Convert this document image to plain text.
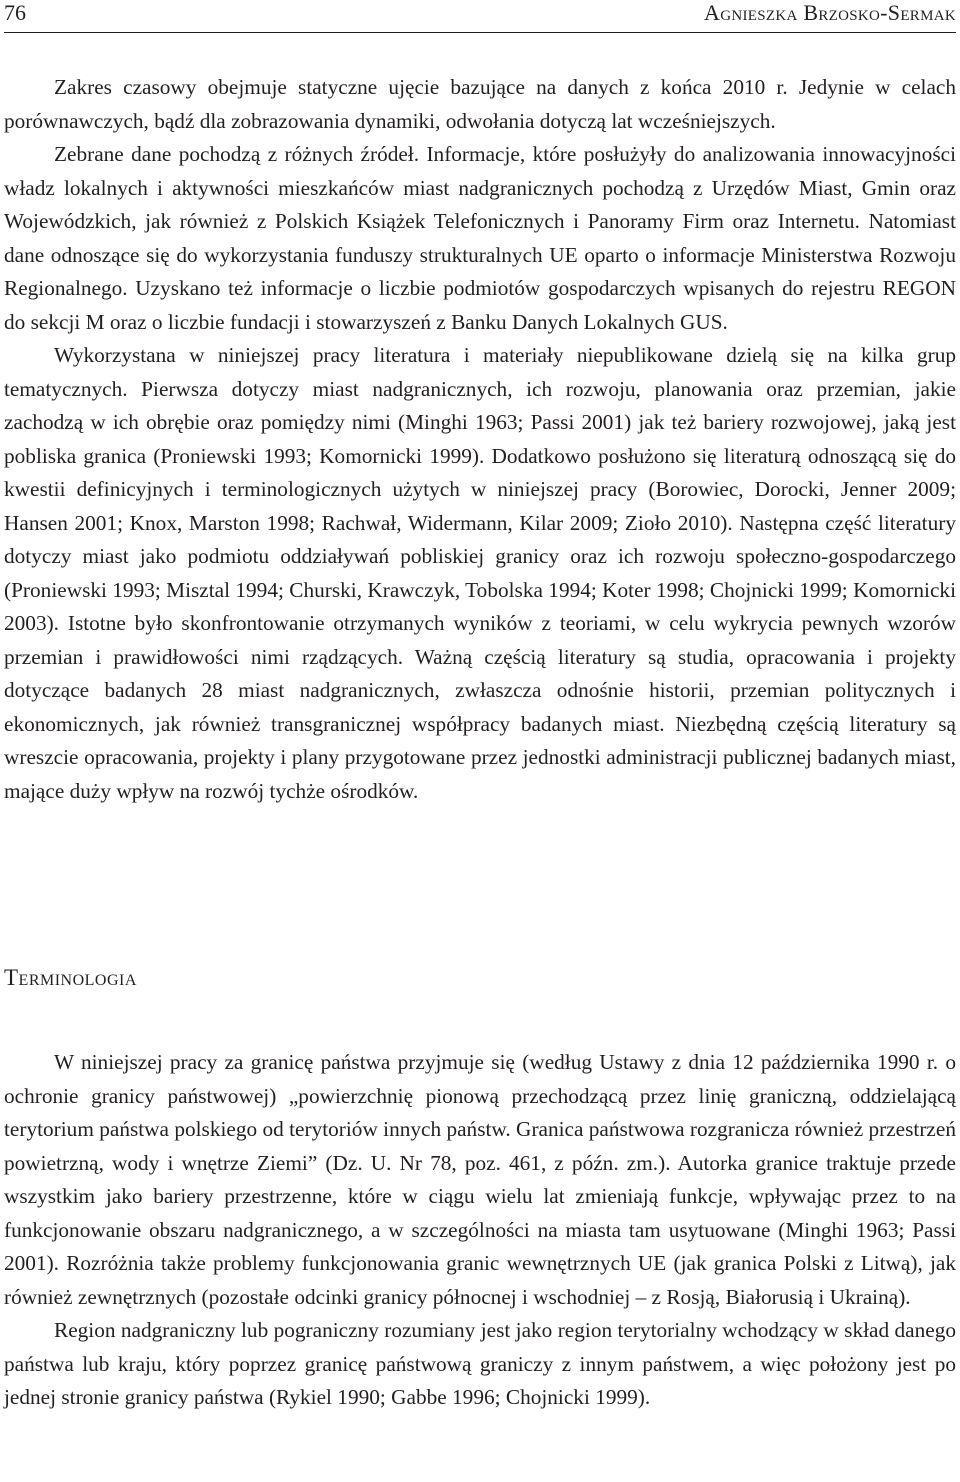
76	Agnieszka Brzosko-Sermak

Zakres czasowy obejmuje statyczne ujęcie bazujące na danych z końca 2010 r. Jedynie w celach porównawczych, bądź dla zobrazowania dynamiki, odwołania dotyczą lat wcześniejszych.

Zebrane dane pochodzą z różnych źródeł. Informacje, które posłużyły do analizowania innowacyjności władz lokalnych i aktywności mieszkańców miast nadgranicznych pochodzą z Urzędów Miast, Gmin oraz Wojewódzkich, jak również z Polskich Książek Telefonicznych i Panoramy Firm oraz Internetu. Natomiast dane odnoszące się do wykorzystania funduszy strukturalnych UE oparto o informacje Ministerstwa Rozwoju Regionalnego. Uzyskano też informacje o liczbie podmiotów gospodarczych wpisanych do rejestru REGON do sekcji M oraz o liczbie fundacji i stowarzyszeń z Banku Danych Lokalnych GUS.

Wykorzystana w niniejszej pracy literatura i materiały niepublikowane dzielą się na kilka grup tematycznych. Pierwsza dotyczy miast nadgranicznych, ich rozwoju, planowania oraz przemian, jakie zachodzą w ich obrębie oraz pomiędzy nimi (Minghi 1963; Passi 2001) jak też bariery rozwojowej, jaką jest pobliska granica (Proniewski 1993; Komornicki 1999). Dodatkowo posłużono się literaturą odnoszącą się do kwestii definicyjnych i terminologicznych użytych w niniejszej pracy (Borowiec, Dorocki, Jenner 2009; Hansen 2001; Knox, Marston 1998; Rachwał, Widermann, Kilar 2009; Zioło 2010). Następna część literatury dotyczy miast jako podmiotu oddziaływań pobliskiej granicy oraz ich rozwoju społeczno-gospodarczego (Proniewski 1993; Misztal 1994; Churski, Krawczyk, Tobolska 1994; Koter 1998; Chojnicki 1999; Komornicki 2003). Istotne było skonfrontowanie otrzymanych wyników z teoriami, w celu wykrycia pewnych wzorów przemian i prawidłowości nimi rządzących. Ważną częścią literatury są studia, opracowania i projekty dotyczące badanych 28 miast nadgranicznych, zwłaszcza odnośnie historii, przemian politycznych i ekonomicznych, jak również transgranicznej współpracy badanych miast. Niezbędną częścią literatury są wreszcie opracowania, projekty i plany przygotowane przez jednostki administracji publicznej badanych miast, mające duży wpływ na rozwój tychże ośrodków.

Terminologia

W niniejszej pracy za granicę państwa przyjmuje się (według Ustawy z dnia 12 października 1990 r. o ochronie granicy państwowej) „powierzchnię pionową przechodzącą przez linię graniczną, oddzielającą terytorium państwa polskiego od terytoriów innych państw. Granica państwowa rozgranicza również przestrzeń powietrzną, wody i wnętrze Ziemi” (Dz. U. Nr 78, poz. 461, z późn. zm.). Autorka granice traktuje przede wszystkim jako bariery przestrzenne, które w ciągu wielu lat zmieniają funkcje, wpływając przez to na funkcjonowanie obszaru nadgranicznego, a w szczególności na miasta tam usytuowane (Minghi 1963; Passi 2001). Rozróżnia także problemy funkcjonowania granic wewnętrznych UE (jak granica Polski z Litwą), jak również zewnętrznych (pozostałe odcinki granicy północnej i wschodniej – z Rosją, Białorusią i Ukrainą).

Region nadgraniczny lub pograniczny rozumiany jest jako region terytorialny wchodzący w skład danego państwa lub kraju, który poprzez granicę państwową graniczy z innym państwem, a więc położony jest po jednej stronie granicy państwa (Rykiel 1990; Gabbe 1996; Chojnicki 1999).
